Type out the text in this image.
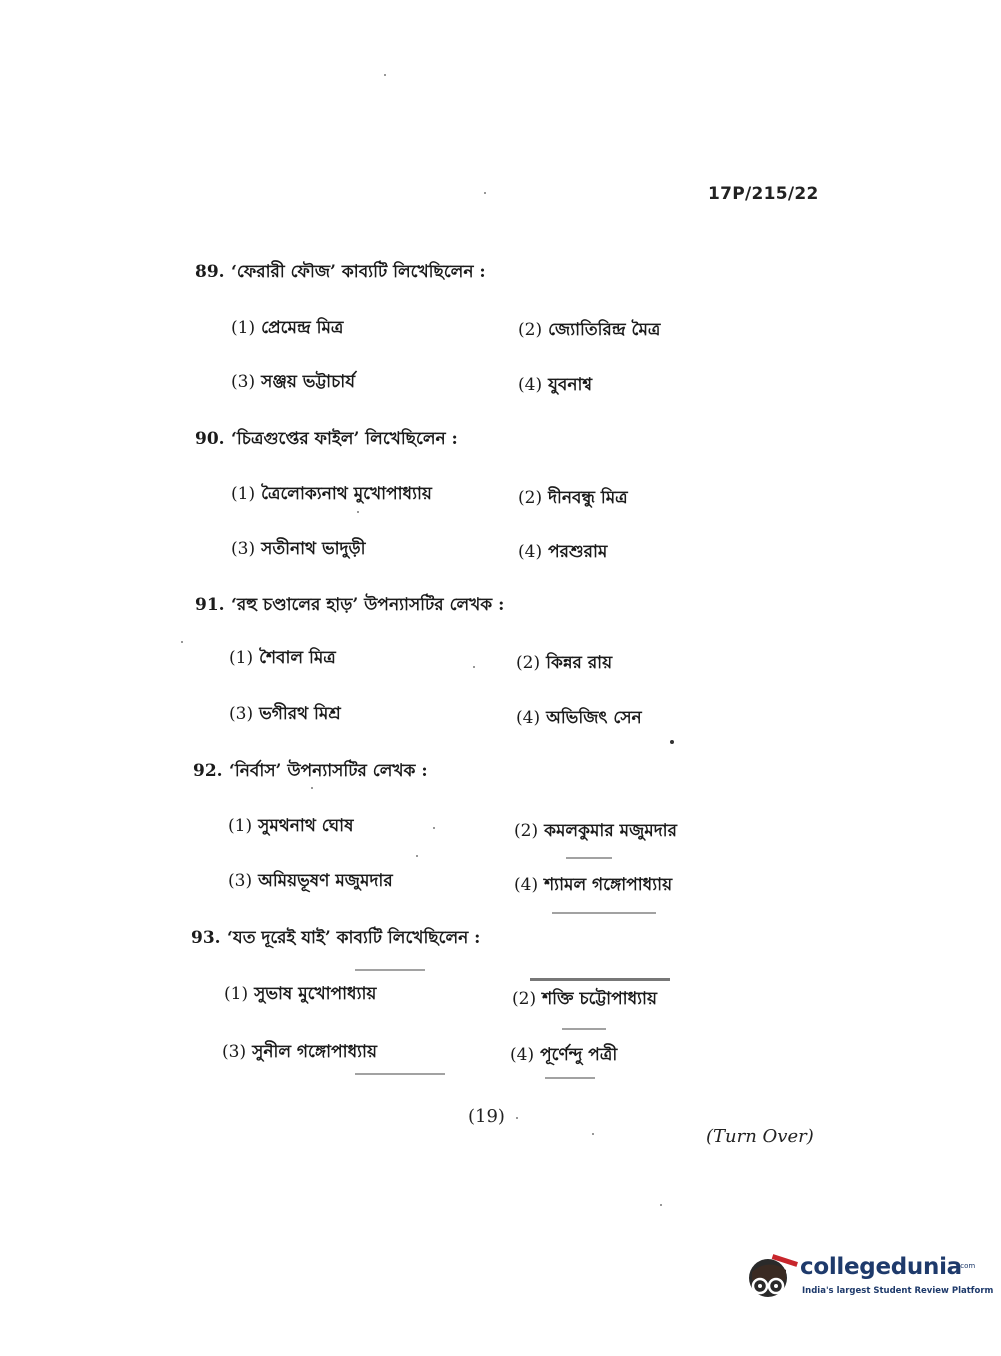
17P/215/22
89. ‘ফেরারী ফৌজ’ কাব্যটি লিখেছিলেন :
(1) প্রেমেন্দ্র মিত্র	(2) জ্যোতিরিন্দ্র মৈত্র
(3) সঞ্জয় ভট্টাচার্য	(4) যুবনাশ্ব
90. ‘চিত্রগুপ্তের ফাইল’ লিখেছিলেন :
(1) ত্রৈলোক্যনাথ মুখোপাধ্যায়	(2) দীনবন্ধু মিত্র
(3) সতীনাথ ভাদুড়ী	(4) পরশুরাম
91. ‘রহু চণ্ডালের হাড়’ উপন্যাসটির লেখক :
(1) শৈবাল মিত্র	(2) কিন্নর রায়
(3) ভগীরথ মিশ্র	(4) অভিজিৎ সেন
92. ‘নির্বাস’ উপন্যাসটির লেখক :
(1) সুমথনাথ ঘোষ	(2) কমলকুমার মজুমদার
(3) অমিয়ভূষণ মজুমদার	(4) শ্যামল গঙ্গোপাধ্যায়
93. ‘যত দূরেই যাই’ কাব্যটি লিখেছিলেন :
(1) সুভাষ মুখোপাধ্যায়	(2) শক্তি চট্টোপাধ্যায়
(3) সুনীল গঙ্গোপাধ্যায়	(4) পূর্ণেন্দু পত্রী
(19)
(Turn Over)
collegedunia
.com
India's largest Student Review Platform
